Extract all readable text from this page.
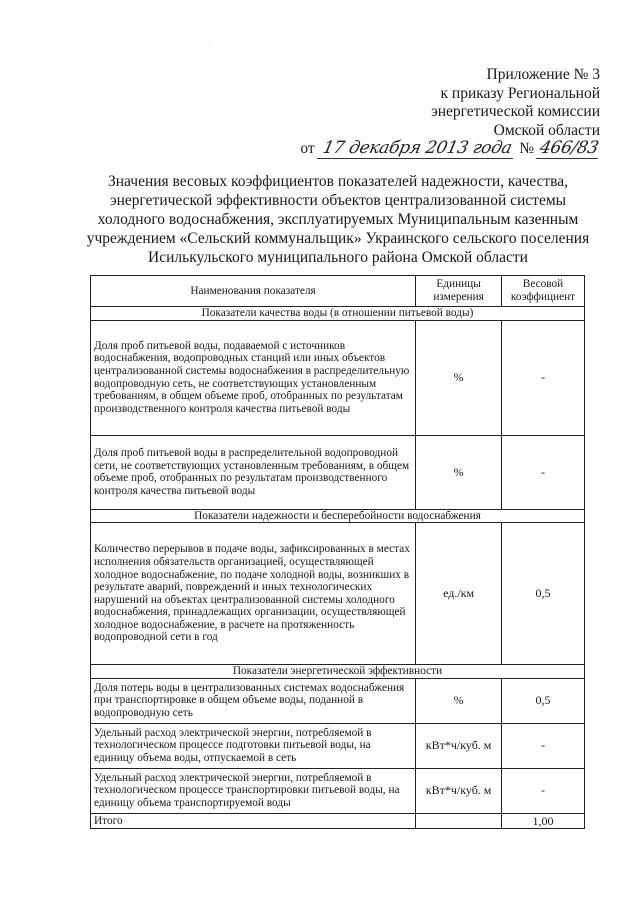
·
Приложение № 3
к приказу Региональной
энергетической комиссии
Омской области
от 17 декабря 2013 года № 466/83
Значения весовых коэффициентов показателей надежности, качества, энергетической эффективности объектов централизованной системы холодного водоснабжения, эксплуатируемых Муниципальным казенным учреждением «Сельский коммунальщик» Украинского сельского поселения Исилькульского муниципального района Омской области
Наименования показателя	Единицы измерения	Весовой коэффициент
Показатели качества воды (в отношении питьевой воды)		
Доля проб питьевой воды, подаваемой с источников водоснабжения, водопроводных станций или иных объектов централизованной системы водоснабжения в распределительную водопроводную сеть, не соответствующих установленным требованиям, в общем объеме проб, отобранных по результатам производственного контроля качества питьевой воды	%	-
Доля проб питьевой воды в распределительной водопроводной сети, не соответствующих установленным требованиям, в общем объеме проб, отобранных по результатам производственного контроля качества питьевой воды	%	-
Показатели надежности и бесперебойности водоснабжения		
Количество перерывов в подаче воды, зафиксированных в местах исполнения обязательств организацией, осуществляющей холодное водоснабжение, по подаче холодной воды, возникших в результате аварий, повреждений и иных технологических нарушений на объектах централизованной системы холодного водоснабжения, принадлежащих организации, осуществляющей холодное водоснабжение, в расчете на протяженность водопроводной сети в год	ед./км	0,5
Показатели энергетической эффективности		
Доля потерь воды в централизованных системах водоснабжения при транспортировке в общем объеме воды, поданной в водопроводную сеть	%	0,5
Удельный расход электрической энергии, потребляемой в технологическом процессе подготовки питьевой воды, на единицу объема воды, отпускаемой в сеть	кВт*ч/куб. м	-
Удельный расход электрической энергии, потребляемой в технологическом процессе транспортировки питьевой воды, на единицу объема транспортируемой воды	кВт*ч/куб. м	-
Итого		1,00
